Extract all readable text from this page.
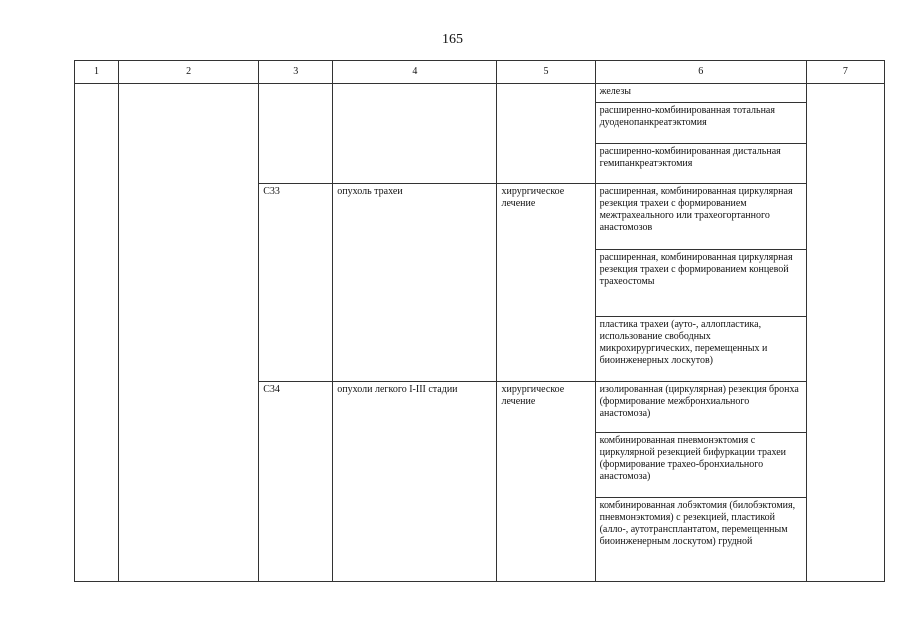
165
1	2	3	4	5	6	7
					железы	
					расширенно-комбинированная тотальная дуоденопанкреатэктомия	
					расширенно-комбинированная дистальная гемипанкреатэктомия	
		C33	опухоль трахеи	хирургическое лечение	расширенная, комбинированная циркулярная резекция трахеи с формированием межтрахеального или трахеогортанного анастомозов	
					расширенная, комбинированная циркулярная резекция трахеи с формированием концевой трахеостомы	
					пластика трахеи (ауто-, аллопластика, использование свободных микрохирургических, перемещенных и биоинженерных лоскутов)	
		C34	опухоли легкого I-III стадии	хирургическое лечение	изолированная (циркулярная) резекция бронха (формирование межбронхиального анастомоза)	
					комбинированная пневмонэктомия с циркулярной резекцией бифуркации трахеи (формирование трахео-бронхиального анастомоза)	
					комбинированная лобэктомия (билобэктомия, пневмонэктомия) с резекцией, пластикой (алло-, аутотрансплантатом, перемещенным биоинженерным лоскутом) грудной	
